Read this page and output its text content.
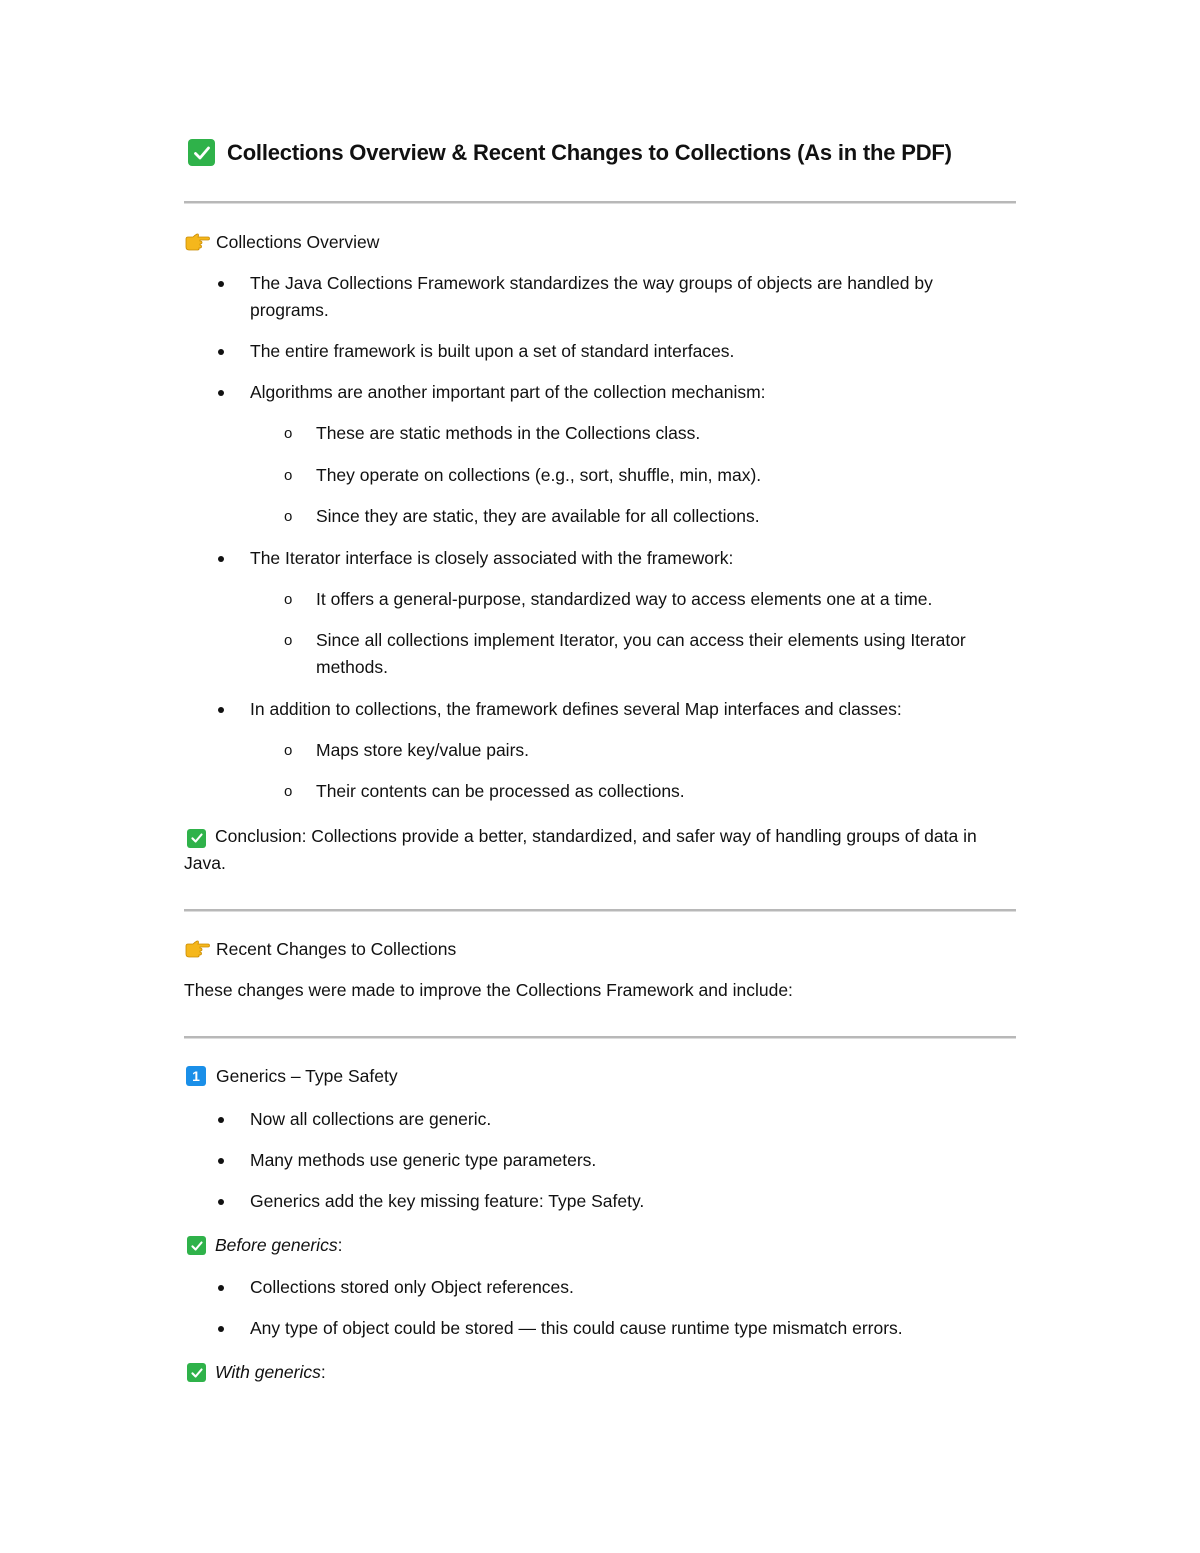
Collections Overview & Recent Changes to Collections (As in the PDF)
Collections Overview
The Java Collections Framework standardizes the way groups of objects are handled by programs.
The entire framework is built upon a set of standard interfaces.
Algorithms are another important part of the collection mechanism:
o These are static methods in the Collections class.
o They operate on collections (e.g., sort, shuffle, min, max).
o Since they are static, they are available for all collections.
The Iterator interface is closely associated with the framework:
o It offers a general-purpose, standardized way to access elements one at a time.
o Since all collections implement Iterator, you can access their elements using Iterator methods.
In addition to collections, the framework defines several Map interfaces and classes:
o Maps store key/value pairs.
o Their contents can be processed as collections.
Conclusion: Collections provide a better, standardized, and safer way of handling groups of data in Java.
Recent Changes to Collections
These changes were made to improve the Collections Framework and include:
1 Generics – Type Safety
Now all collections are generic.
Many methods use generic type parameters.
Generics add the key missing feature: Type Safety.
Before generics :
Collections stored only Object references.
Any type of object could be stored — this could cause runtime type mismatch errors.
With generics :
